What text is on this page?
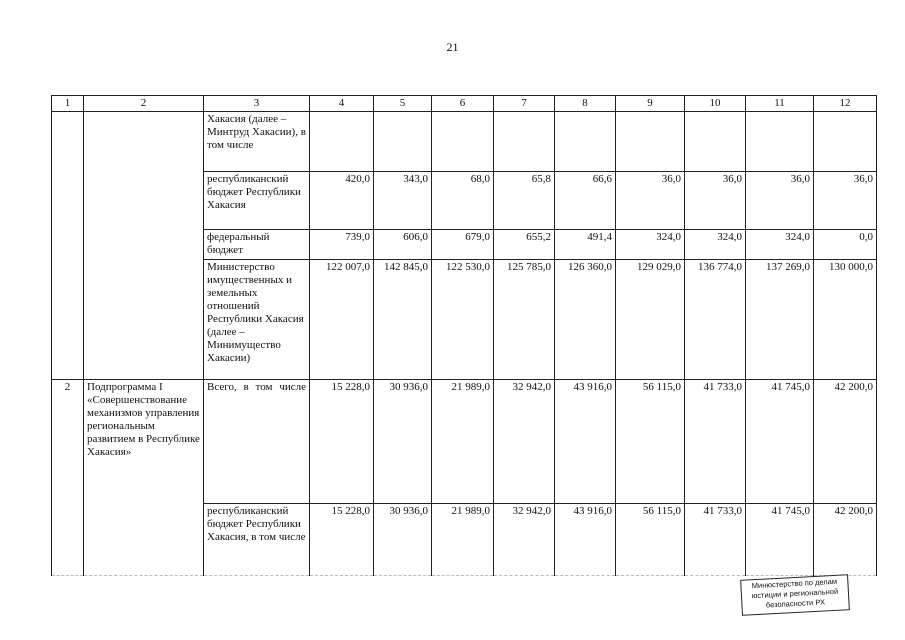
21
1	2	3	4	5	6	7	8	9	10	11	12
		Хакасия (далее – Минтруд Хакасии), в том числе									
		республиканский бюджет Республики Хакасия	420,0	343,0	68,0	65,8	66,6	36,0	36,0	36,0	36,0
		федеральный бюджет	739,0	606,0	679,0	655,2	491,4	324,0	324,0	324,0	0,0
		Министерство имущественных и земельных отношений Республики Хакасия (далее – Минимущество Хакасии)	122 007,0	142 845,0	122 530,0	125 785,0	126 360,0	129 029,0	136 774,0	137 269,0	130 000,0
2	Подпрограмма I «Совершенствование механизмов управления региональным развитием в Республике Хакасия»	Всего, в том числе	15 228,0	30 936,0	21 989,0	32 942,0	43 916,0	56 115,0	41 733,0	41 745,0	42 200,0
		республиканский бюджет Республики Хакасия, в том числе	15 228,0	30 936,0	21 989,0	32 942,0	43 916,0	56 115,0	41 733,0	41 745,0	42 200,0
Минюстерство по делам
юстиции и региональной
безопасности РХ
